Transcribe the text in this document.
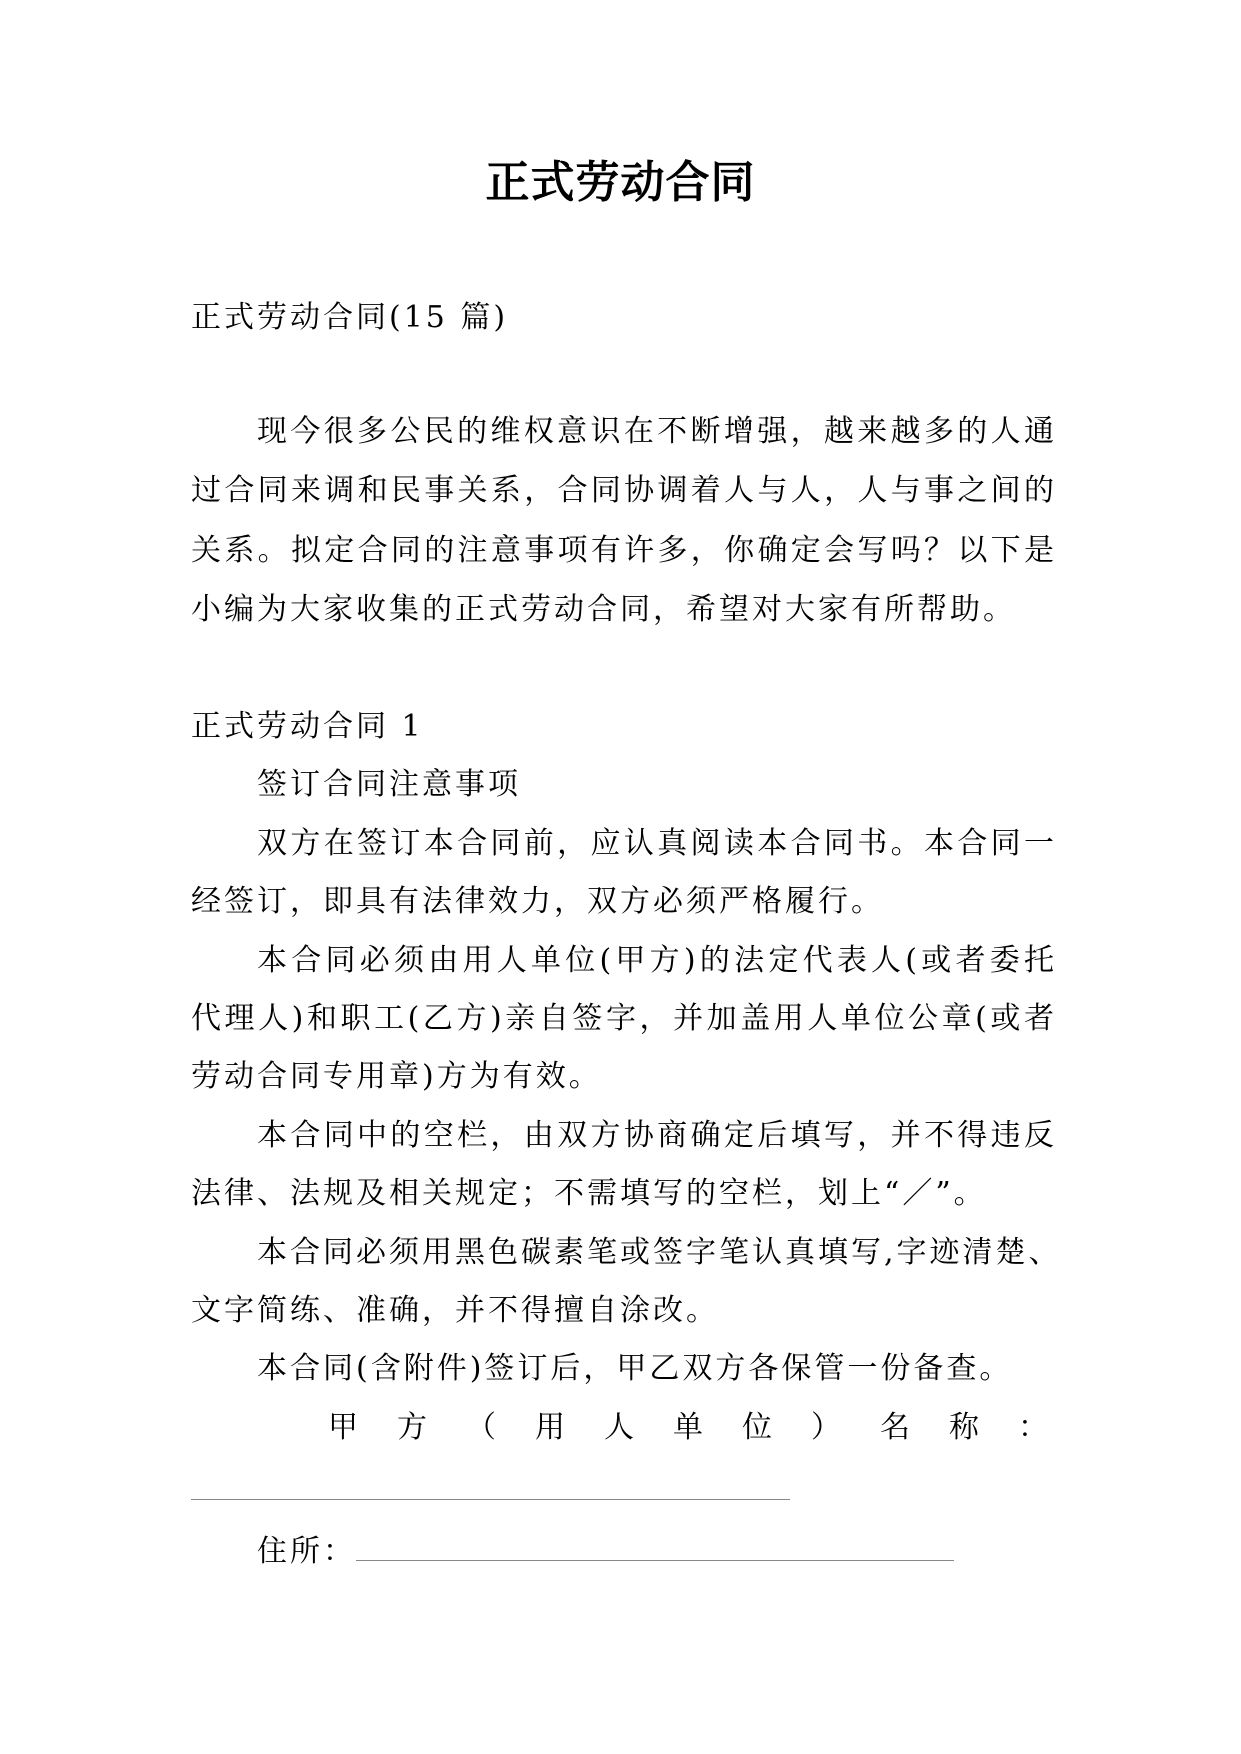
正式劳动合同
正式劳动合同(15 篇)
现今很多公民的维权意识在不断增强，越来越多的人通
过合同来调和民事关系，合同协调着人与人，人与事之间的
关系。拟定合同的注意事项有许多，你确定会写吗？以下是
小编为大家收集的正式劳动合同，希望对大家有所帮助。
正式劳动合同 1
签订合同注意事项
双方在签订本合同前，应认真阅读本合同书。本合同一
经签订，即具有法律效力，双方必须严格履行。
本合同必须由用人单位(甲方)的法定代表人(或者委托
代理人)和职工(乙方)亲自签字，并加盖用人单位公章(或者
劳动合同专用章)方为有效。
本合同中的空栏，由双方协商确定后填写，并不得违反
法律、法规及相关规定；不需填写的空栏，划上“／”。
本合同必须用黑色碳素笔或签字笔认真填写,字迹清楚、
文字简练、准确，并不得擅自涂改。
本合同(含附件)签订后，甲乙双方各保管一份备查。
甲方（用人单位）名称：
住所：
